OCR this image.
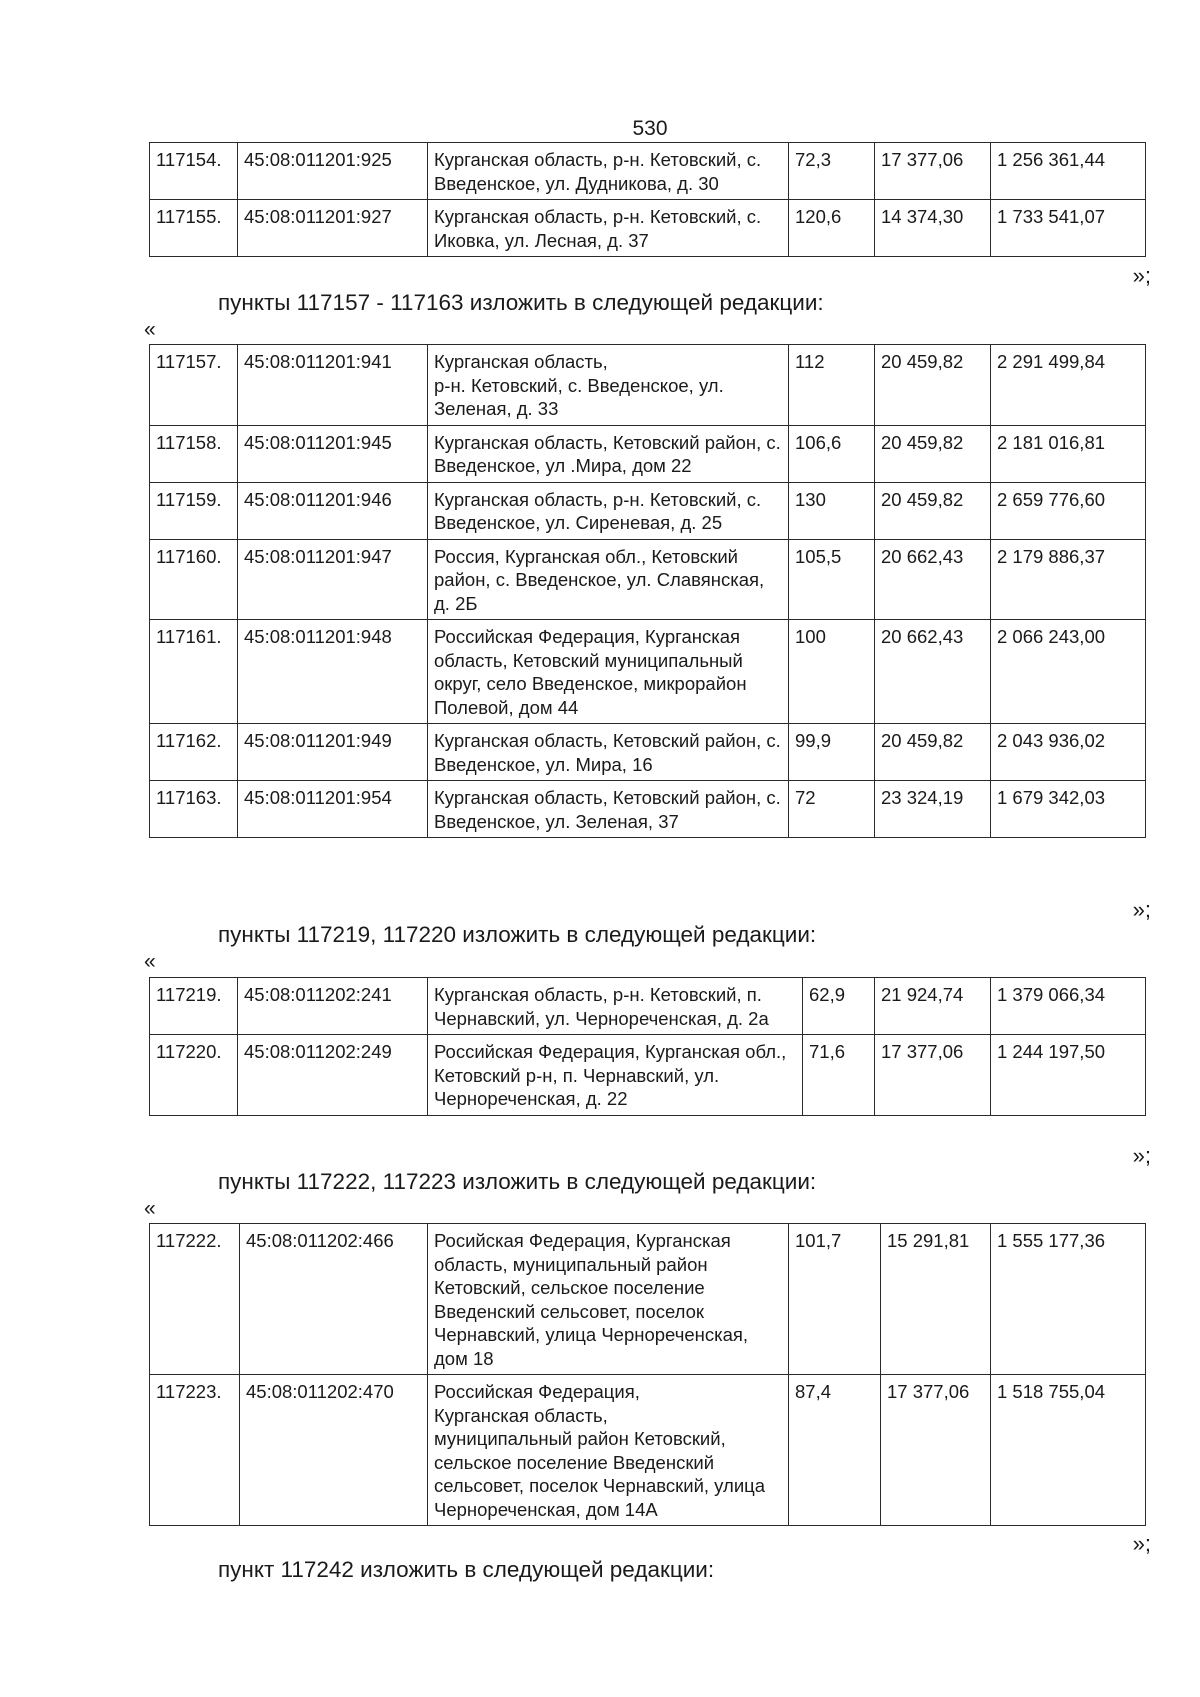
530
117154.	45:08:011201:925	Курганская область, р-н. Кетовский, с. Введенское, ул. Дудникова, д. 30	72,3	17 377,06	1 256 361,44
117155.	45:08:011201:927	Курганская область, р-н. Кетовский, с. Иковка, ул. Лесная, д. 37	120,6	14 374,30	1 733 541,07
»;
пункты 117157 - 117163 изложить в следующей редакции:
«
117157.	45:08:011201:941	Курганская область,
р-н. Кетовский, с. Введенское, ул. Зеленая, д. 33	112	20 459,82	2 291 499,84
117158.	45:08:011201:945	Курганская область, Кетовский район, с. Введенское, ул .Мира, дом 22	106,6	20 459,82	2 181 016,81
117159.	45:08:011201:946	Курганская область, р-н. Кетовский, с. Введенское, ул. Сиреневая, д. 25	130	20 459,82	2 659 776,60
117160.	45:08:011201:947	Россия, Курганская обл., Кетовский район, с. Введенское, ул. Славянская, д. 2Б	105,5	20 662,43	2 179 886,37
117161.	45:08:011201:948	Российская Федерация, Курганская область, Кетовский муниципальный округ, село Введенское, микрорайон Полевой, дом 44	100	20 662,43	2 066 243,00
117162.	45:08:011201:949	Курганская область, Кетовский район, с. Введенское, ул. Мира, 16	99,9	20 459,82	2 043 936,02
117163.	45:08:011201:954	Курганская область, Кетовский район, с. Введенское, ул. Зеленая, 37	72	23 324,19	1 679 342,03
»;
пункты 117219, 117220 изложить в следующей редакции:
«
117219.	45:08:011202:241	Курганская область, р-н. Кетовский, п. Чернавский, ул. Черноречeнская, д. 2а	62,9	21 924,74	1 379 066,34
117220.	45:08:011202:249	Российская Федерация, Курганская обл., Кетовский р-н, п. Чернавский, ул. Черноречeнская, д. 22	71,6	17 377,06	1 244 197,50
»;
пункты 117222, 117223 изложить в следующей редакции:
«
117222.	45:08:011202:466	Росийская Федерация, Курганская область, муниципальный район Кетовский, сельское поселение Введенский сельсовет, поселок Чернавский, улица Черноречeнская, дом 18	101,7	15 291,81	1 555 177,36
117223.	45:08:011202:470	Российская Федерация,
Курганская область,
муниципальный район Кетовский, сельское поселение Введенский сельсовет, поселок Чернавский, улица Черноречeнская, дом 14А	87,4	17 377,06	1 518 755,04
»;
пункт 117242 изложить в следующей редакции:
